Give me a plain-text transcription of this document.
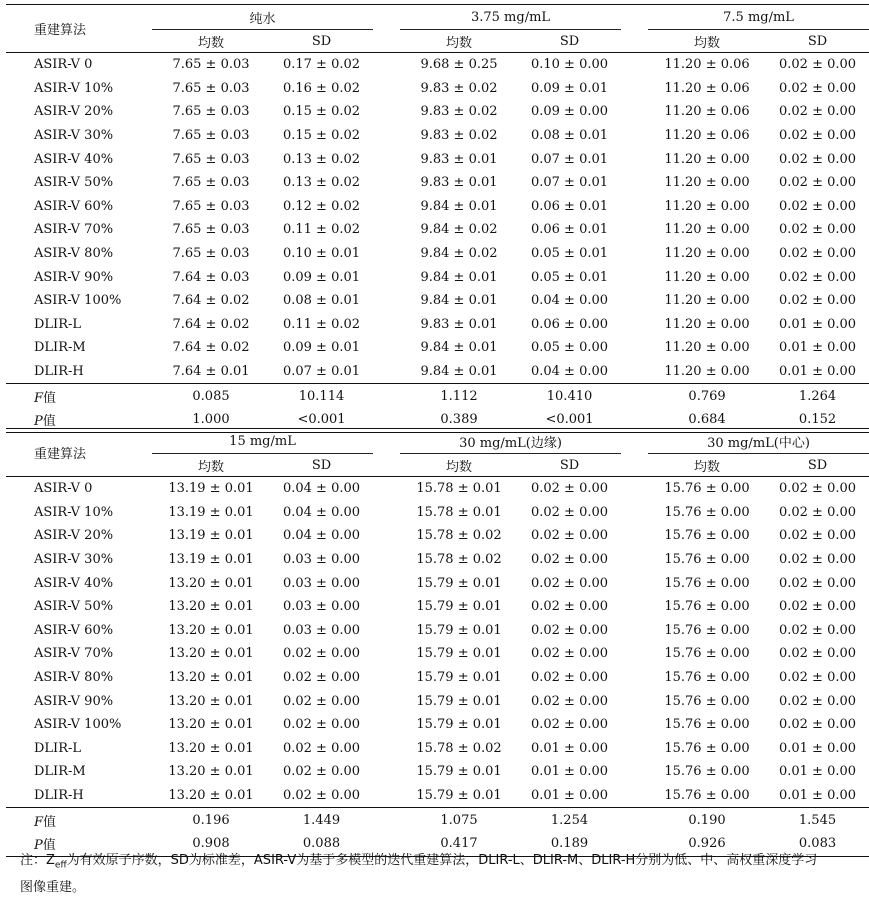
重建算法	纯水			3.75 mg/mL			7.5 mg/mL	
	均数	SD		均数	SD		均数	SD
ASIR-V 0	7.65 ± 0.03	0.17 ± 0.02		9.68 ± 0.25	0.10 ± 0.00		11.20 ± 0.06	0.02 ± 0.00
ASIR-V 10%	7.65 ± 0.03	0.16 ± 0.02		9.83 ± 0.02	0.09 ± 0.01		11.20 ± 0.06	0.02 ± 0.00
ASIR-V 20%	7.65 ± 0.03	0.15 ± 0.02		9.83 ± 0.02	0.09 ± 0.00		11.20 ± 0.06	0.02 ± 0.00
ASIR-V 30%	7.65 ± 0.03	0.15 ± 0.02		9.83 ± 0.02	0.08 ± 0.01		11.20 ± 0.06	0.02 ± 0.00
ASIR-V 40%	7.65 ± 0.03	0.13 ± 0.02		9.83 ± 0.01	0.07 ± 0.01		11.20 ± 0.00	0.02 ± 0.00
ASIR-V 50%	7.65 ± 0.03	0.13 ± 0.02		9.83 ± 0.01	0.07 ± 0.01		11.20 ± 0.00	0.02 ± 0.00
ASIR-V 60%	7.65 ± 0.03	0.12 ± 0.02		9.84 ± 0.01	0.06 ± 0.01		11.20 ± 0.00	0.02 ± 0.00
ASIR-V 70%	7.65 ± 0.03	0.11 ± 0.02		9.84 ± 0.02	0.06 ± 0.01		11.20 ± 0.00	0.02 ± 0.00
ASIR-V 80%	7.65 ± 0.03	0.10 ± 0.01		9.84 ± 0.02	0.05 ± 0.01		11.20 ± 0.00	0.02 ± 0.00
ASIR-V 90%	7.64 ± 0.03	0.09 ± 0.01		9.84 ± 0.01	0.05 ± 0.01		11.20 ± 0.00	0.02 ± 0.00
ASIR-V 100%	7.64 ± 0.02	0.08 ± 0.01		9.84 ± 0.01	0.04 ± 0.00		11.20 ± 0.00	0.02 ± 0.00
DLIR-L	7.64 ± 0.02	0.11 ± 0.02		9.83 ± 0.01	0.06 ± 0.00		11.20 ± 0.00	0.01 ± 0.00
DLIR-M	7.64 ± 0.02	0.09 ± 0.01		9.84 ± 0.01	0.05 ± 0.00		11.20 ± 0.00	0.01 ± 0.00
DLIR-H	7.64 ± 0.01	0.07 ± 0.01		9.84 ± 0.01	0.04 ± 0.00		11.20 ± 0.00	0.01 ± 0.00
F值	0.085	10.114		1.112	10.410		0.769	1.264
P值	1.000	<0.001		0.389	<0.001		0.684	0.152
重建算法	15 mg/mL			30 mg/mL(边缘)			30 mg/mL(中心)	
	均数	SD		均数	SD		均数	SD
ASIR-V 0	13.19 ± 0.01	0.04 ± 0.00		15.78 ± 0.01	0.02 ± 0.00		15.76 ± 0.00	0.02 ± 0.00
ASIR-V 10%	13.19 ± 0.01	0.04 ± 0.00		15.78 ± 0.01	0.02 ± 0.00		15.76 ± 0.00	0.02 ± 0.00
ASIR-V 20%	13.19 ± 0.01	0.04 ± 0.00		15.78 ± 0.02	0.02 ± 0.00		15.76 ± 0.00	0.02 ± 0.00
ASIR-V 30%	13.19 ± 0.01	0.03 ± 0.00		15.78 ± 0.02	0.02 ± 0.00		15.76 ± 0.00	0.02 ± 0.00
ASIR-V 40%	13.20 ± 0.01	0.03 ± 0.00		15.79 ± 0.01	0.02 ± 0.00		15.76 ± 0.00	0.02 ± 0.00
ASIR-V 50%	13.20 ± 0.01	0.03 ± 0.00		15.79 ± 0.01	0.02 ± 0.00		15.76 ± 0.00	0.02 ± 0.00
ASIR-V 60%	13.20 ± 0.01	0.03 ± 0.00		15.79 ± 0.01	0.02 ± 0.00		15.76 ± 0.00	0.02 ± 0.00
ASIR-V 70%	13.20 ± 0.01	0.02 ± 0.00		15.79 ± 0.01	0.02 ± 0.00		15.76 ± 0.00	0.02 ± 0.00
ASIR-V 80%	13.20 ± 0.01	0.02 ± 0.00		15.79 ± 0.01	0.02 ± 0.00		15.76 ± 0.00	0.02 ± 0.00
ASIR-V 90%	13.20 ± 0.01	0.02 ± 0.00		15.79 ± 0.01	0.02 ± 0.00		15.76 ± 0.00	0.02 ± 0.00
ASIR-V 100%	13.20 ± 0.01	0.02 ± 0.00		15.79 ± 0.01	0.02 ± 0.00		15.76 ± 0.00	0.02 ± 0.00
DLIR-L	13.20 ± 0.01	0.02 ± 0.00		15.78 ± 0.02	0.01 ± 0.00		15.76 ± 0.00	0.01 ± 0.00
DLIR-M	13.20 ± 0.01	0.02 ± 0.00		15.79 ± 0.01	0.01 ± 0.00		15.76 ± 0.00	0.01 ± 0.00
DLIR-H	13.20 ± 0.01	0.02 ± 0.00		15.79 ± 0.01	0.01 ± 0.00		15.76 ± 0.00	0.01 ± 0.00
F值	0.196	1.449		1.075	1.254		0.190	1.545
P值	0.908	0.088		0.417	0.189		0.926	0.083
注：$Z_{eff}$为有效原子序数，SD为标准差，ASIR-V为基于多模型的迭代重建算法，DLIR-L、DLIR-M、DLIR-H分别为低、中、高权重深度学习图像重建。
